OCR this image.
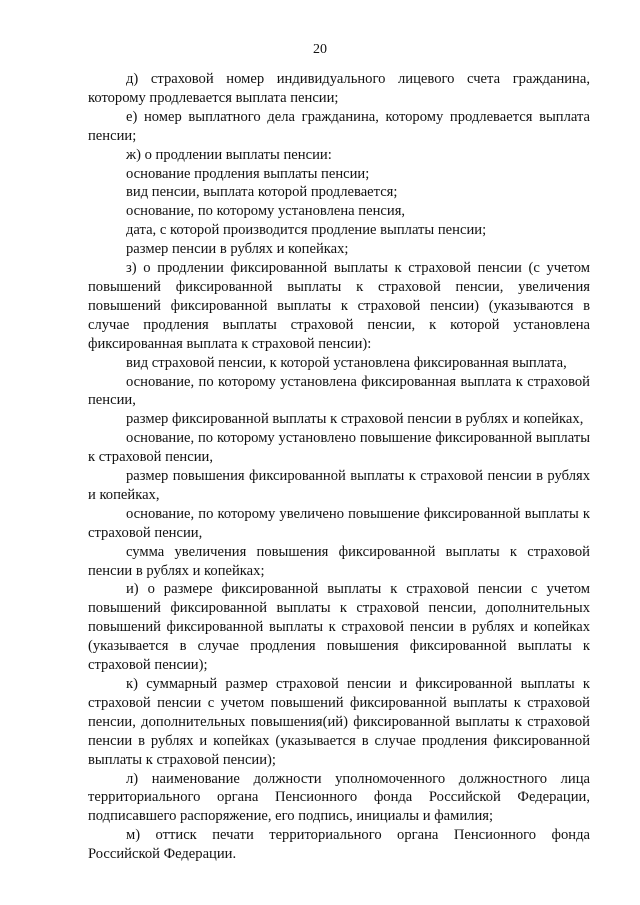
20

д) страховой номер индивидуального лицевого счета гражданина, которому продлевается выплата пенсии;

е) номер выплатного дела гражданина, которому продлевается выплата пенсии;

ж) о продлении выплаты пенсии:

основание продления выплаты пенсии;

вид пенсии, выплата которой продлевается;

основание, по которому установлена пенсия,

дата, с которой производится продление выплаты пенсии;

размер пенсии в рублях и копейках;

з) о продлении фиксированной выплаты к страховой пенсии (с учетом повышений фиксированной выплаты к страховой пенсии, увеличения повышений фиксированной выплаты к страховой пенсии) (указываются в случае продления выплаты страховой пенсии, к которой установлена фиксированная выплата к страховой пенсии):

вид страховой пенсии, к которой установлена фиксированная выплата,

основание, по которому установлена фиксированная выплата к страховой пенсии,

размер фиксированной выплаты к страховой пенсии в рублях и копейках,

основание, по которому установлено повышение фиксированной выплаты к страховой пенсии,

размер повышения фиксированной выплаты к страховой пенсии в рублях и копейках,

основание, по которому увеличено повышение фиксированной выплаты к страховой пенсии,

сумма увеличения повышения фиксированной выплаты к страховой пенсии в рублях и копейках;

и) о размере фиксированной выплаты к страховой пенсии с учетом повышений фиксированной выплаты к страховой пенсии, дополнительных повышений фиксированной выплаты к страховой пенсии в рублях и копейках (указывается в случае продления повышения фиксированной выплаты к страховой пенсии);

к) суммарный размер страховой пенсии и фиксированной выплаты к страховой пенсии с учетом повышений фиксированной выплаты к страховой пенсии, дополнительных повышения(ий) фиксированной выплаты к страховой пенсии в рублях и копейках (указывается в случае продления фиксированной выплаты к страховой пенсии);

л) наименование должности уполномоченного должностного лица территориального органа Пенсионного фонда Российской Федерации, подписавшего распоряжение, его подпись, инициалы и фамилия;

м) оттиск печати территориального органа Пенсионного фонда Российской Федерации.
